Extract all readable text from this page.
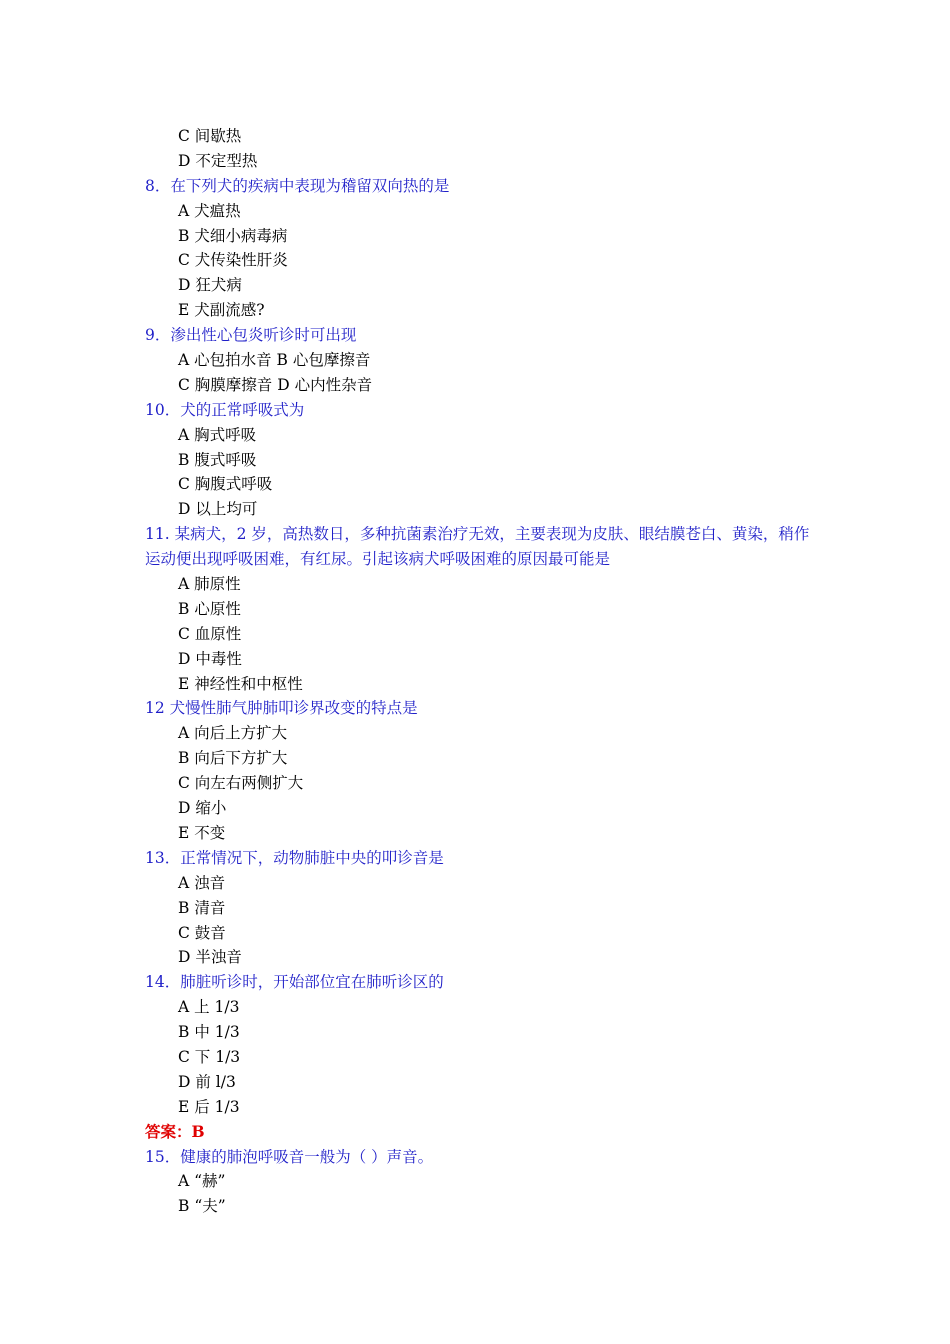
C 间歇热
D 不定型热
8．在下列犬的疾病中表现为稽留双向热的是
A 犬瘟热
B 犬细小病毒病
C 犬传染性肝炎
D 狂犬病
E 犬副流感?
9．渗出性心包炎听诊时可出现
A 心包拍水音 B 心包摩擦音
C 胸膜摩擦音 D 心内性杂音
10．犬的正常呼吸式为
A 胸式呼吸
B 腹式呼吸
C 胸腹式呼吸
D 以上均可
11. 某病犬，2 岁，高热数日，多种抗菌素治疗无效，主要表现为皮肤、眼结膜苍白、黄染，稍作
运动便出现呼吸困难，有红尿。引起该病犬呼吸困难的原因最可能是
A 肺原性
B 心原性
C 血原性
D 中毒性
E 神经性和中枢性
12 犬慢性肺气肿肺叩诊界改变的特点是
A 向后上方扩大
B 向后下方扩大
C 向左右两侧扩大
D 缩小
E 不变
13．正常情况下，动物肺脏中央的叩诊音是
A 浊音
B 清音
C 鼓音
D 半浊音
14．肺脏听诊时，开始部位宜在肺听诊区的
A 上 1/3
B 中 1/3
C 下 1/3
D 前 l/3
E 后 1/3
答案：B
15．健康的肺泡呼吸音一般为（ ）声音。
A “赫”
B “夫”
